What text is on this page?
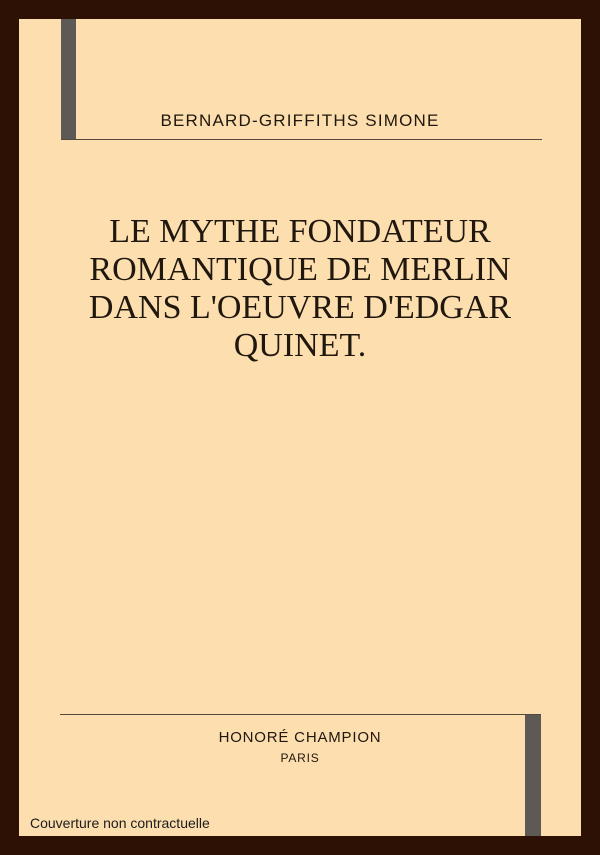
BERNARD-GRIFFITHS SIMONE
LE MYTHE FONDATEUR
ROMANTIQUE DE MERLIN
DANS L'OEUVRE D'EDGAR
QUINET.
HONORÉ CHAMPION
PARIS
Couverture non contractuelle
